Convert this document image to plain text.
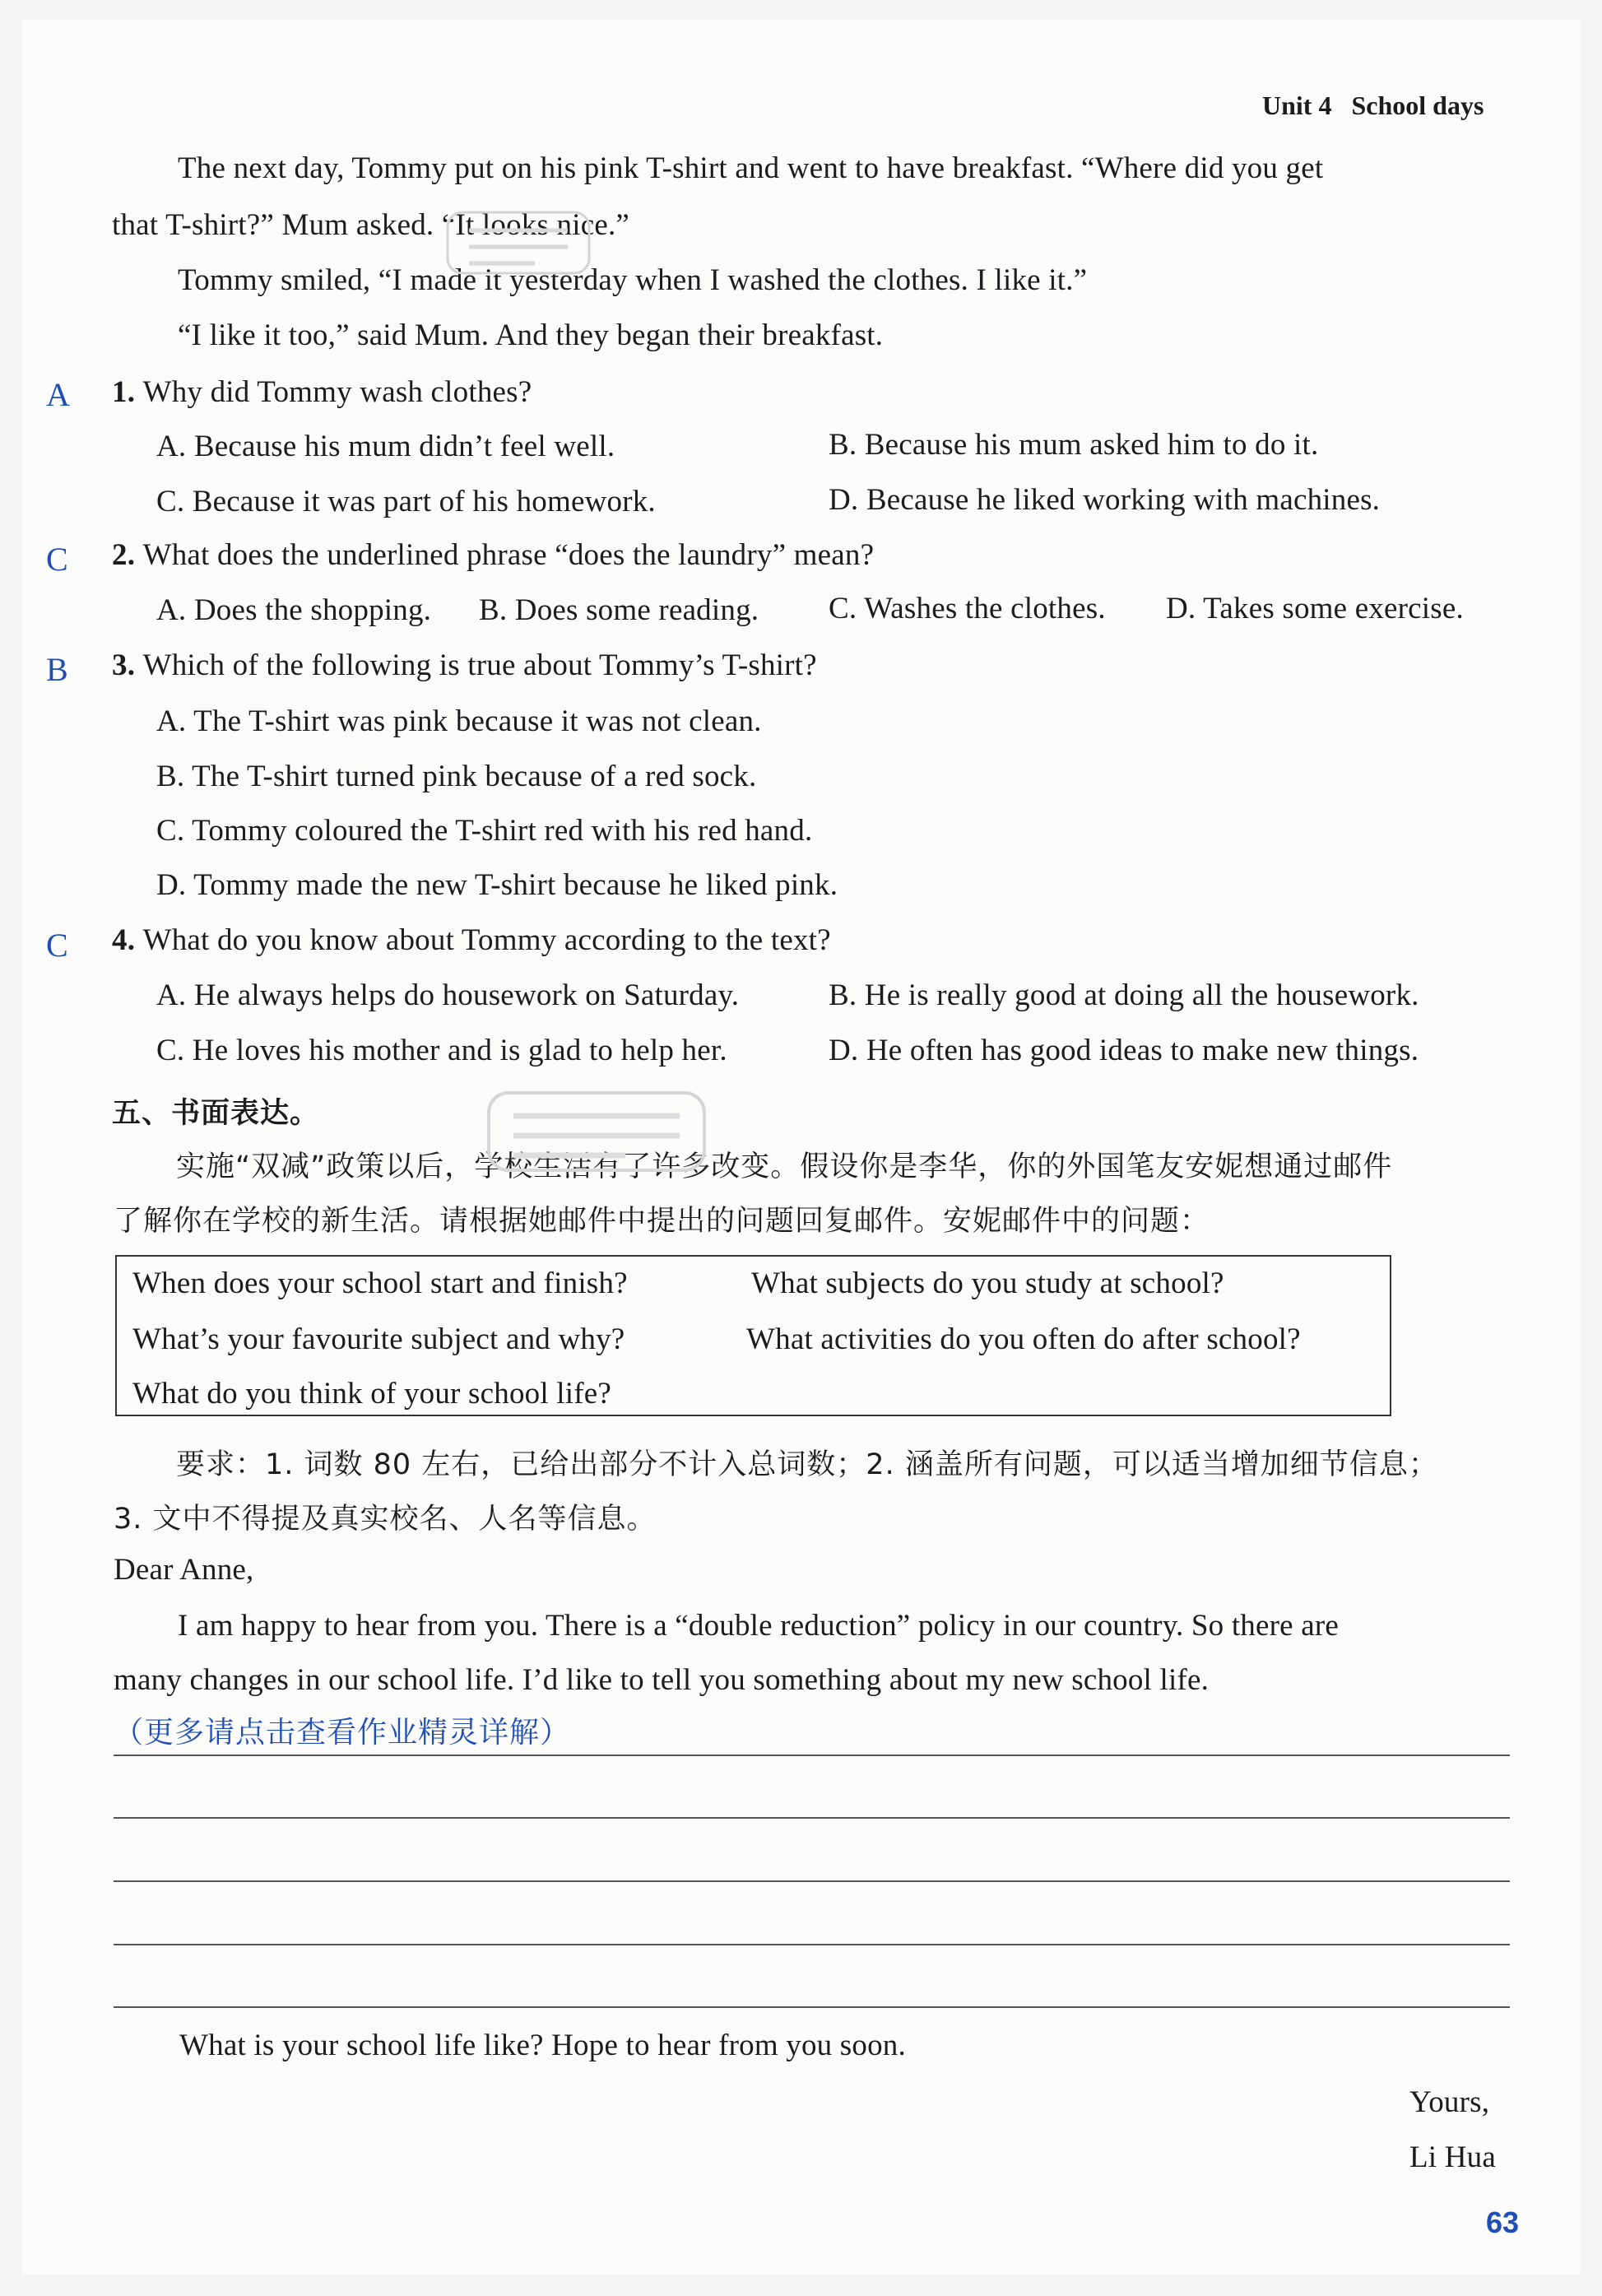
Unit 4 School days
The next day, Tommy put on his pink T-shirt and went to have breakfast. “Where did you get
that T-shirt?” Mum asked. “It looks nice.”
Tommy smiled, “I made it yesterday when I washed the clothes. I like it.”
“I like it too,” said Mum. And they began their breakfast.
A 1. Why did Tommy wash clothes?
A. Because his mum didn’t feel well.	B. Because his mum asked him to do it.
C. Because it was part of his homework.	D. Because he liked working with machines.
C 2. What does the underlined phrase “does the laundry” mean?
A. Does the shopping. B. Does some reading. C. Washes the clothes. D. Takes some exercise.
B 3. Which of the following is true about Tommy’s T-shirt?
A. The T-shirt was pink because it was not clean.
B. The T-shirt turned pink because of a red sock.
C. Tommy coloured the T-shirt red with his red hand.
D. Tommy made the new T-shirt because he liked pink.
C 4. What do you know about Tommy according to the text?
A. He always helps do housework on Saturday.	B. He is really good at doing all the housework.
C. He loves his mother and is glad to help her.	D. He often has good ideas to make new things.
五、书面表达。
实施“双减”政策以后，学校生活有了许多改变。假设你是李华，你的外国笔友安妮想通过邮件
了解你在学校的新生活。请根据她邮件中提出的问题回复邮件。安妮邮件中的问题：
When does your school start and finish?	What subjects do you study at school?
What’s your favourite subject and why?	What activities do you often do after school?
What do you think of your school life?
要求：1. 词数 80 左右，已给出部分不计入总词数；2. 涵盖所有问题，可以适当增加细节信息；
3. 文中不得提及真实校名、人名等信息。
Dear Anne,
I am happy to hear from you. There is a “double reduction” policy in our country. So there are
many changes in our school life. I’d like to tell you something about my new school life.
（更多请点击查看作业精灵详解）
What is your school life like? Hope to hear from you soon.
Yours,
Li Hua
63
